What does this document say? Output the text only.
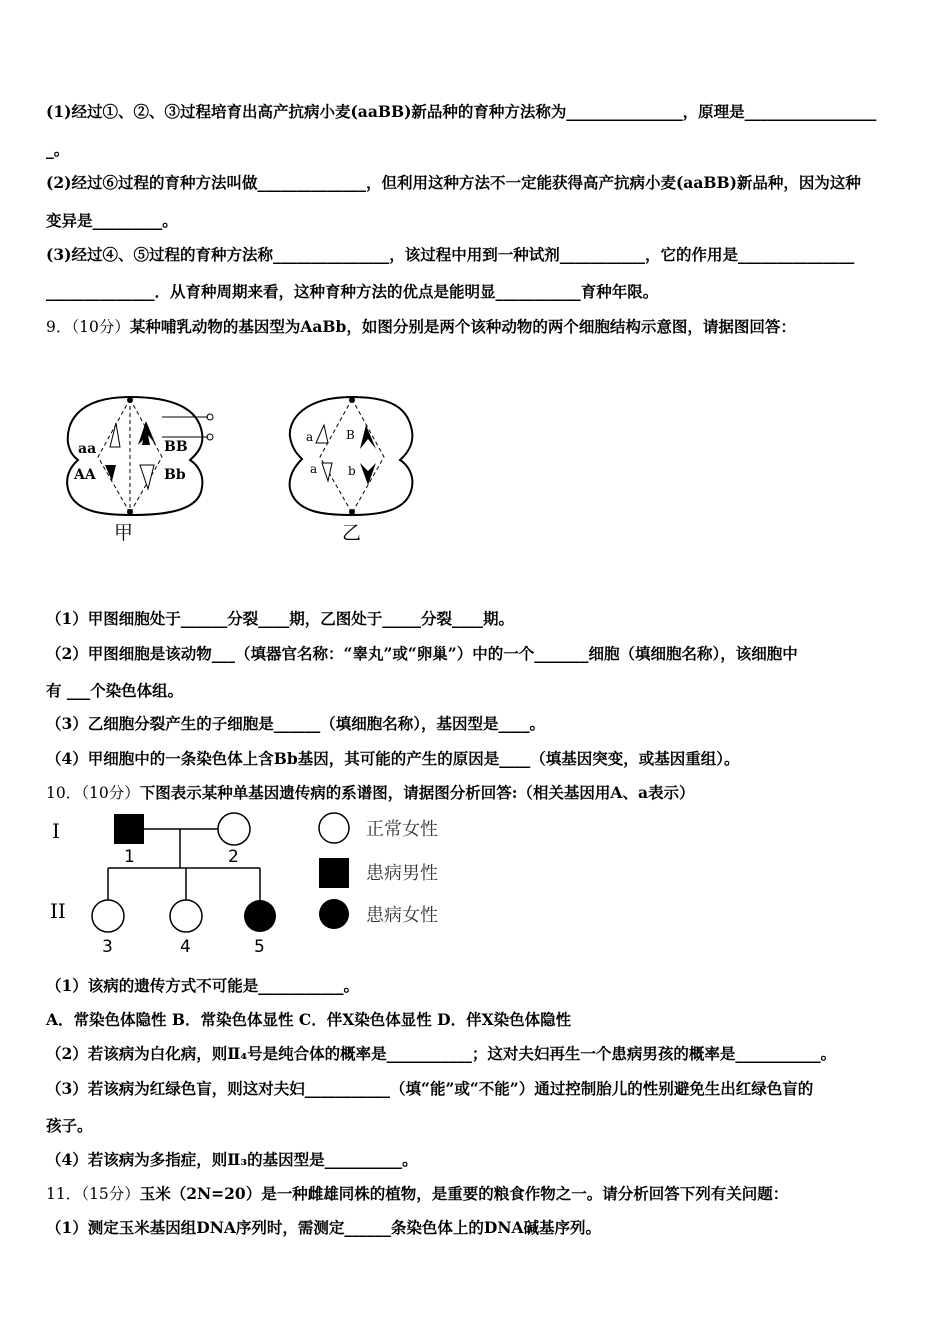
(1)经过①、②、③过程培育出高产抗病小麦(aaBB)新品种的育种方法称为_______________，原理是_________________
_。
(2)经过⑥过程的育种方法叫做______________，但利用这种方法不一定能获得高产抗病小麦(aaBB)新品种，因为这种
变异是_________。
(3)经过④、⑤过程的育种方法称_______________，该过程中用到一种试剂___________，它的作用是_______________
______________．从育种周期来看，这种育种方法的优点是能明显___________育种年限。
9．（10分）某种哺乳动物的基因型为AaBb，如图分别是两个该种动物的两个细胞结构示意图，请据图回答：
aa	BB
AA	Bb
甲
a	B
a	b
乙
（1）甲图细胞处于______分裂____期，乙图处于_____分裂____期。
（2）甲图细胞是该动物___（填器官名称：“睾丸”或“卵巢”）中的一个_______细胞（填细胞名称），该细胞中
有 ___个染色体组。
（3）乙细胞分裂产生的子细胞是______（填细胞名称），基因型是____。
（4）甲细胞中的一条染色体上含Bb基因，其可能的产生的原因是____（填基因突变，或基因重组）。
10．（10分）下图表示某种单基因遗传病的系谱图，请据图分析回答:（相关基因用A、a表示）
I
II
1	2
3	4	5
正常女性
患病男性
患病女性
（1）该病的遗传方式不可能是___________。
A．常染色体隐性 B．常染色体显性 C．伴X染色体显性 D．伴X染色体隐性
（2）若该病为白化病，则Ⅱ₄号是纯合体的概率是___________；这对夫妇再生一个患病男孩的概率是___________。
（3）若该病为红绿色盲，则这对夫妇___________（填“能”或“不能”）通过控制胎儿的性别避免生出红绿色盲的
孩子。
（4）若该病为多指症，则Ⅱ₃的基因型是__________。
11．（15分）玉米（2N=20）是一种雌雄同株的植物，是重要的粮食作物之一。请分析回答下列有关问题：
（1）测定玉米基因组DNA序列时，需测定______条染色体上的DNA碱基序列。
